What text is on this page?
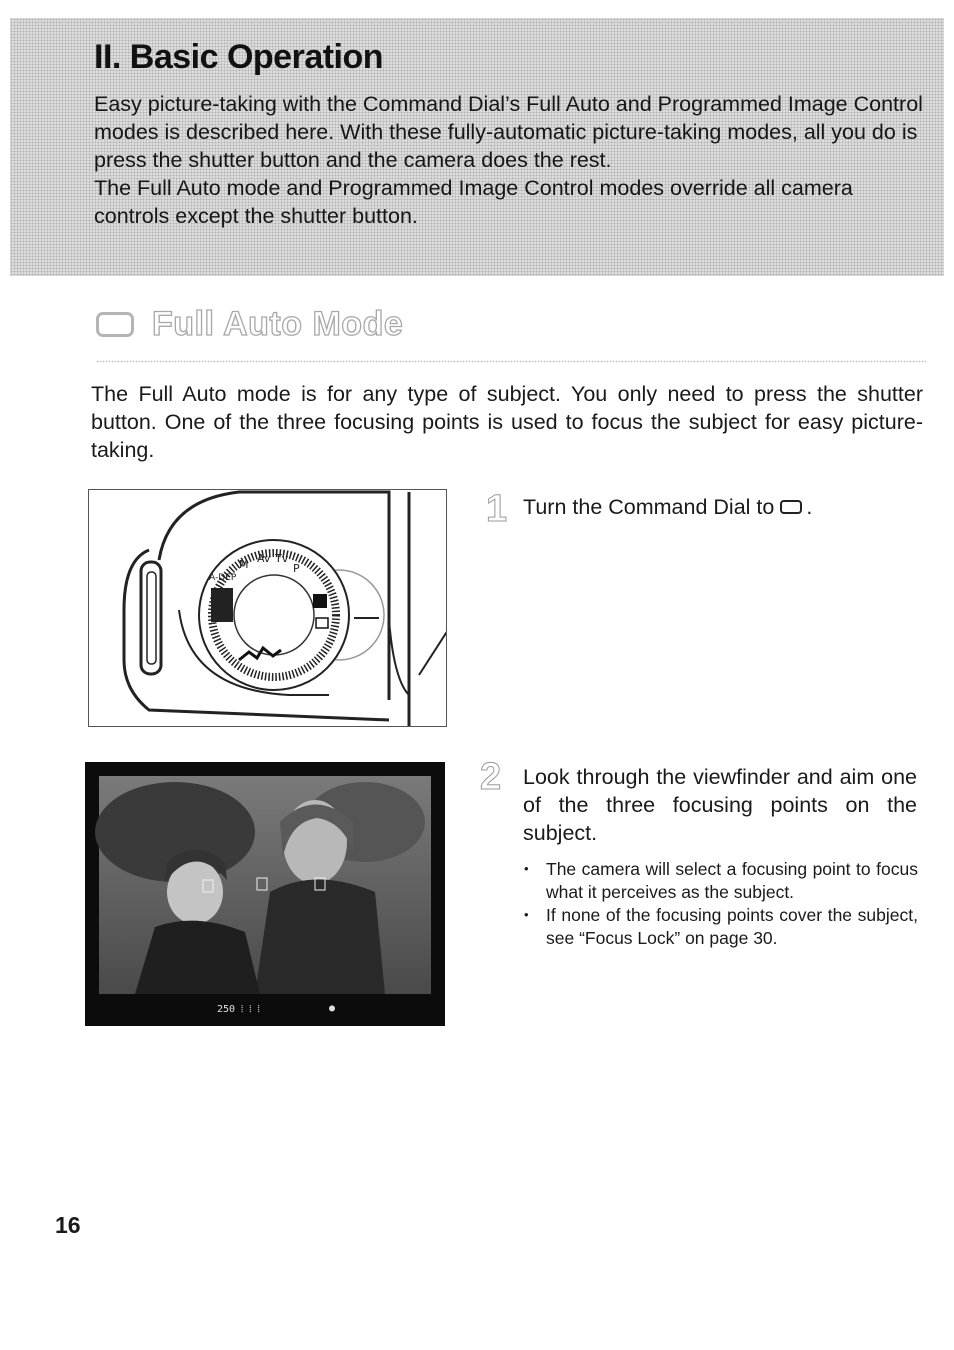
II. Basic Operation

Easy picture-taking with the Command Dial’s Full Auto and Programmed Image Control modes is described here. With these fully-automatic picture-taking modes, all you do is press the shutter button and the camera does the rest.

The Full Auto mode and Programmed Image Control modes override all camera controls except the shutter button.

Full Auto Mode

The Full Auto mode is for any type of subject. You only need to press the shutter button. One of the three focusing points is used to focus the subject for easy picture-taking.

M Av Tv
P
A-DEP
1 Turn the Command Dial to .

250 ⦙ ⦙ ⦙	●
2 Look through the viewfinder and aim one of the three focusing points on the subject.

• The camera will select a focusing point to focus what it perceives as the subject.
• If none of the focusing points cover the subject, see “Focus Lock” on page 30.

16
